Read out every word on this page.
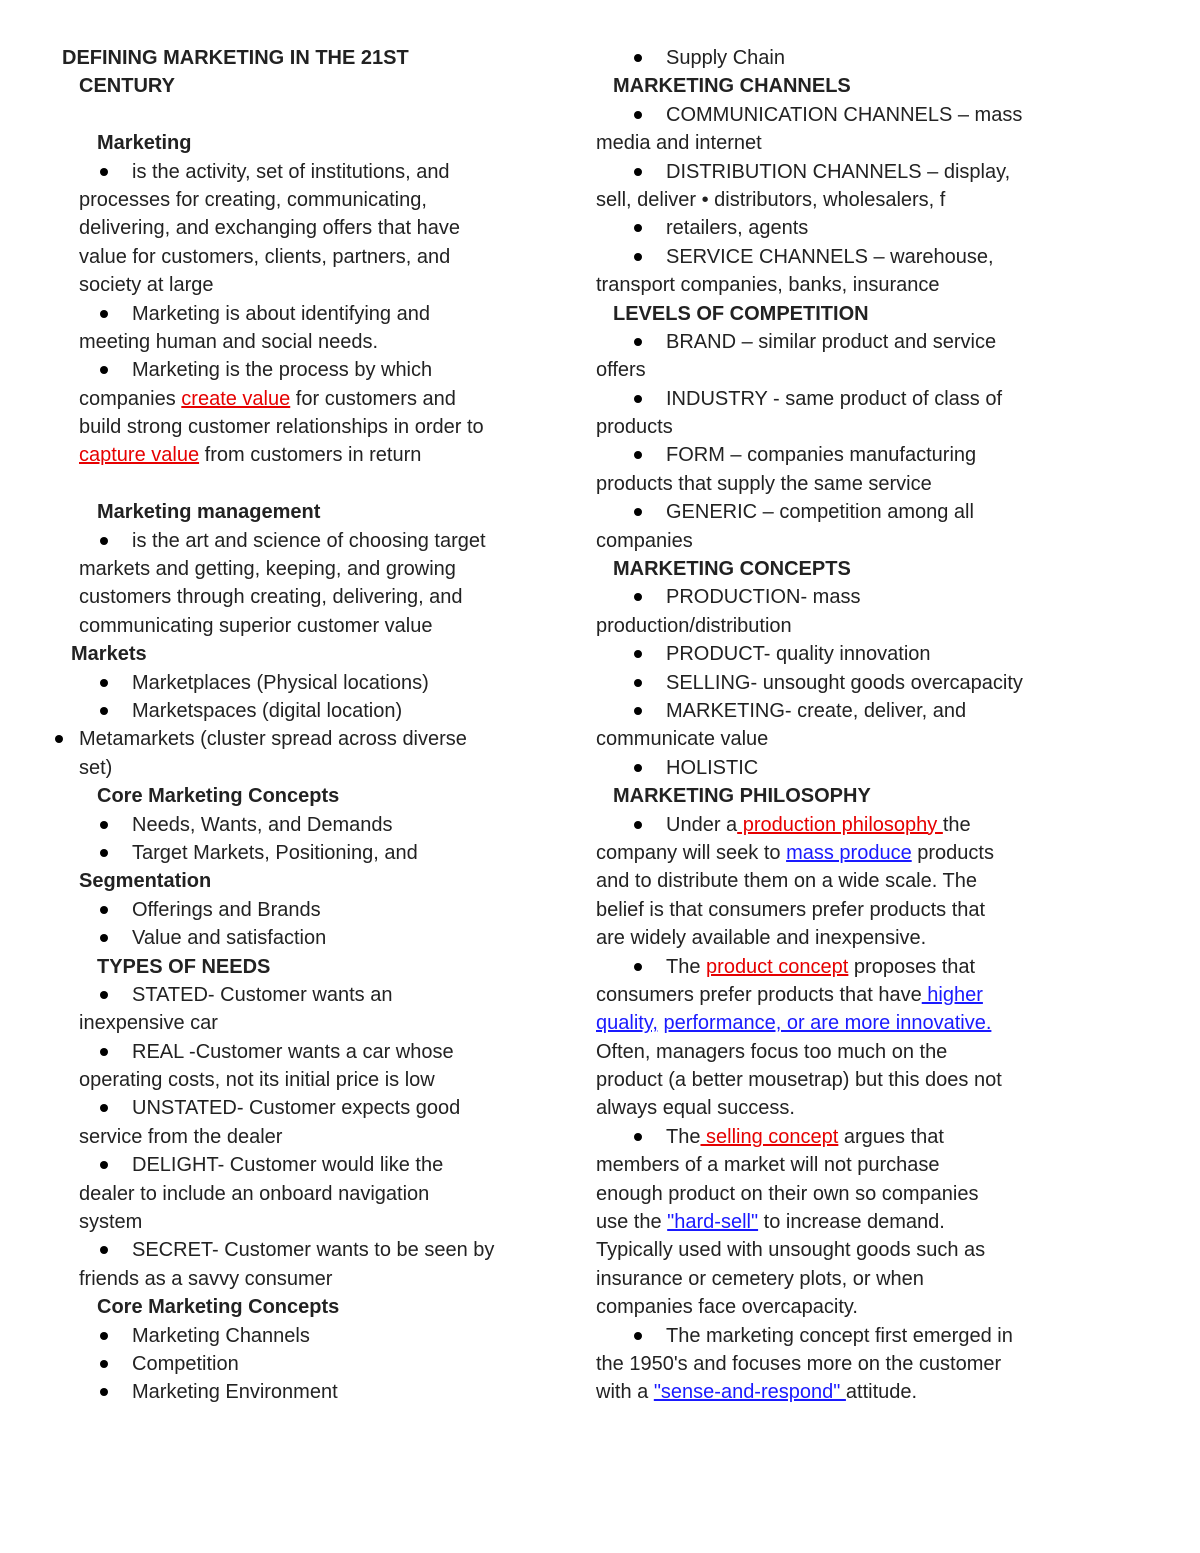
DEFINING MARKETING IN THE 21ST
CENTURY
Marketing
is the activity, set of institutions, and
processes for creating, communicating,
delivering, and exchanging offers that have
value for customers, clients, partners, and
society at large
Marketing is about identifying and
meeting human and social needs.
Marketing is the process by which
companies create value for customers and
build strong customer relationships in order to
capture value from customers in return
Marketing management
is the art and science of choosing target
markets and getting, keeping, and growing
customers through creating, delivering, and
communicating superior customer value
Markets
Marketplaces (Physical locations)
Marketspaces (digital location)
Metamarkets (cluster spread across diverse
set)
Core Marketing Concepts
Needs, Wants, and Demands
Target Markets, Positioning, and
Segmentation
Offerings and Brands
Value and satisfaction
TYPES OF NEEDS
STATED- Customer wants an
inexpensive car
REAL -Customer wants a car whose
operating costs, not its initial price is low
UNSTATED- Customer expects good
service from the dealer
DELIGHT- Customer would like the
dealer to include an onboard navigation
system
SECRET- Customer wants to be seen by
friends as a savvy consumer
Core Marketing Concepts
Marketing Channels
Competition
Marketing Environment
Supply Chain
MARKETING CHANNELS
COMMUNICATION CHANNELS – mass
media and internet
DISTRIBUTION CHANNELS – display,
sell, deliver • distributors, wholesalers, f
retailers, agents
SERVICE CHANNELS – warehouse,
transport companies, banks, insurance
LEVELS OF COMPETITION
BRAND – similar product and service
offers
INDUSTRY - same product of class of
products
FORM – companies manufacturing
products that supply the same service
GENERIC – competition among all
companies
MARKETING CONCEPTS
PRODUCTION- mass
production/distribution
PRODUCT- quality innovation
SELLING- unsought goods overcapacity
MARKETING- create, deliver, and
communicate value
HOLISTIC
MARKETING PHILOSOPHY
Under a production philosophy the
company will seek to mass produce products
and to distribute them on a wide scale. The
belief is that consumers prefer products that
are widely available and inexpensive.
The product concept proposes that
consumers prefer products that have higher
quality, performance, or are more innovative.
Often, managers focus too much on the
product (a better mousetrap) but this does not
always equal success.
The selling concept argues that
members of a market will not purchase
enough product on their own so companies
use the "hard-sell" to increase demand.
Typically used with unsought goods such as
insurance or cemetery plots, or when
companies face overcapacity.
The marketing concept first emerged in
the 1950's and focuses more on the customer
with a "sense-and-respond" attitude.
